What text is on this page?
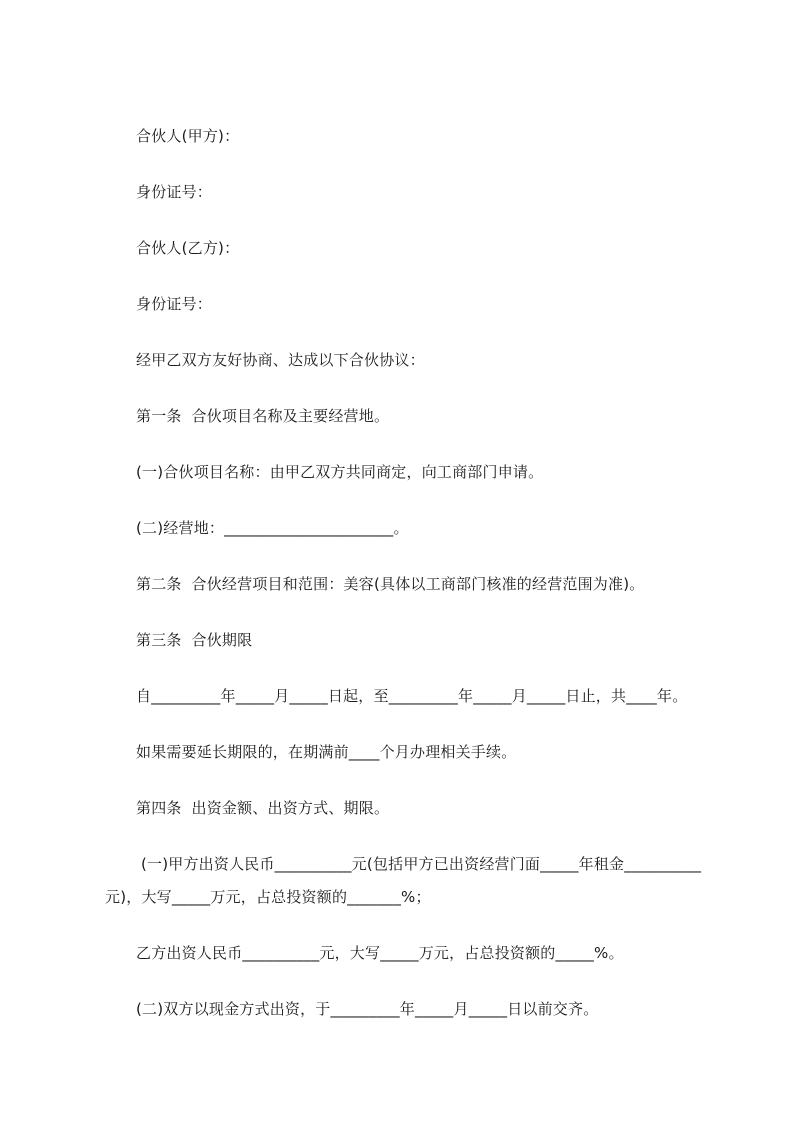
合伙人(甲方)：

身份证号：

合伙人(乙方)：

身份证号：

经甲乙双方友好协商、达成以下合伙协议：

第一条  合伙项目名称及主要经营地。

(一)合伙项目名称：由甲乙双方共同商定，向工商部门申请。

(二)经营地：______________________。

第二条  合伙经营项目和范围：美容(具体以工商部门核准的经营范围为准)。

第三条  合伙期限

自_________年_____月_____日起，至_________年_____月_____日止，共____年。

如果需要延长期限的，在期满前____个月办理相关手续。

第四条  出资金额、出资方式、期限。

(一)甲方出资人民币__________元(包括甲方已出资经营门面_____年租金__________元)，大写_____万元，占总投资额的_______%；

乙方出资人民币__________元，大写_____万元，占总投资额的_____%。

(二)双方以现金方式出资，于_________年_____月_____日以前交齐。
